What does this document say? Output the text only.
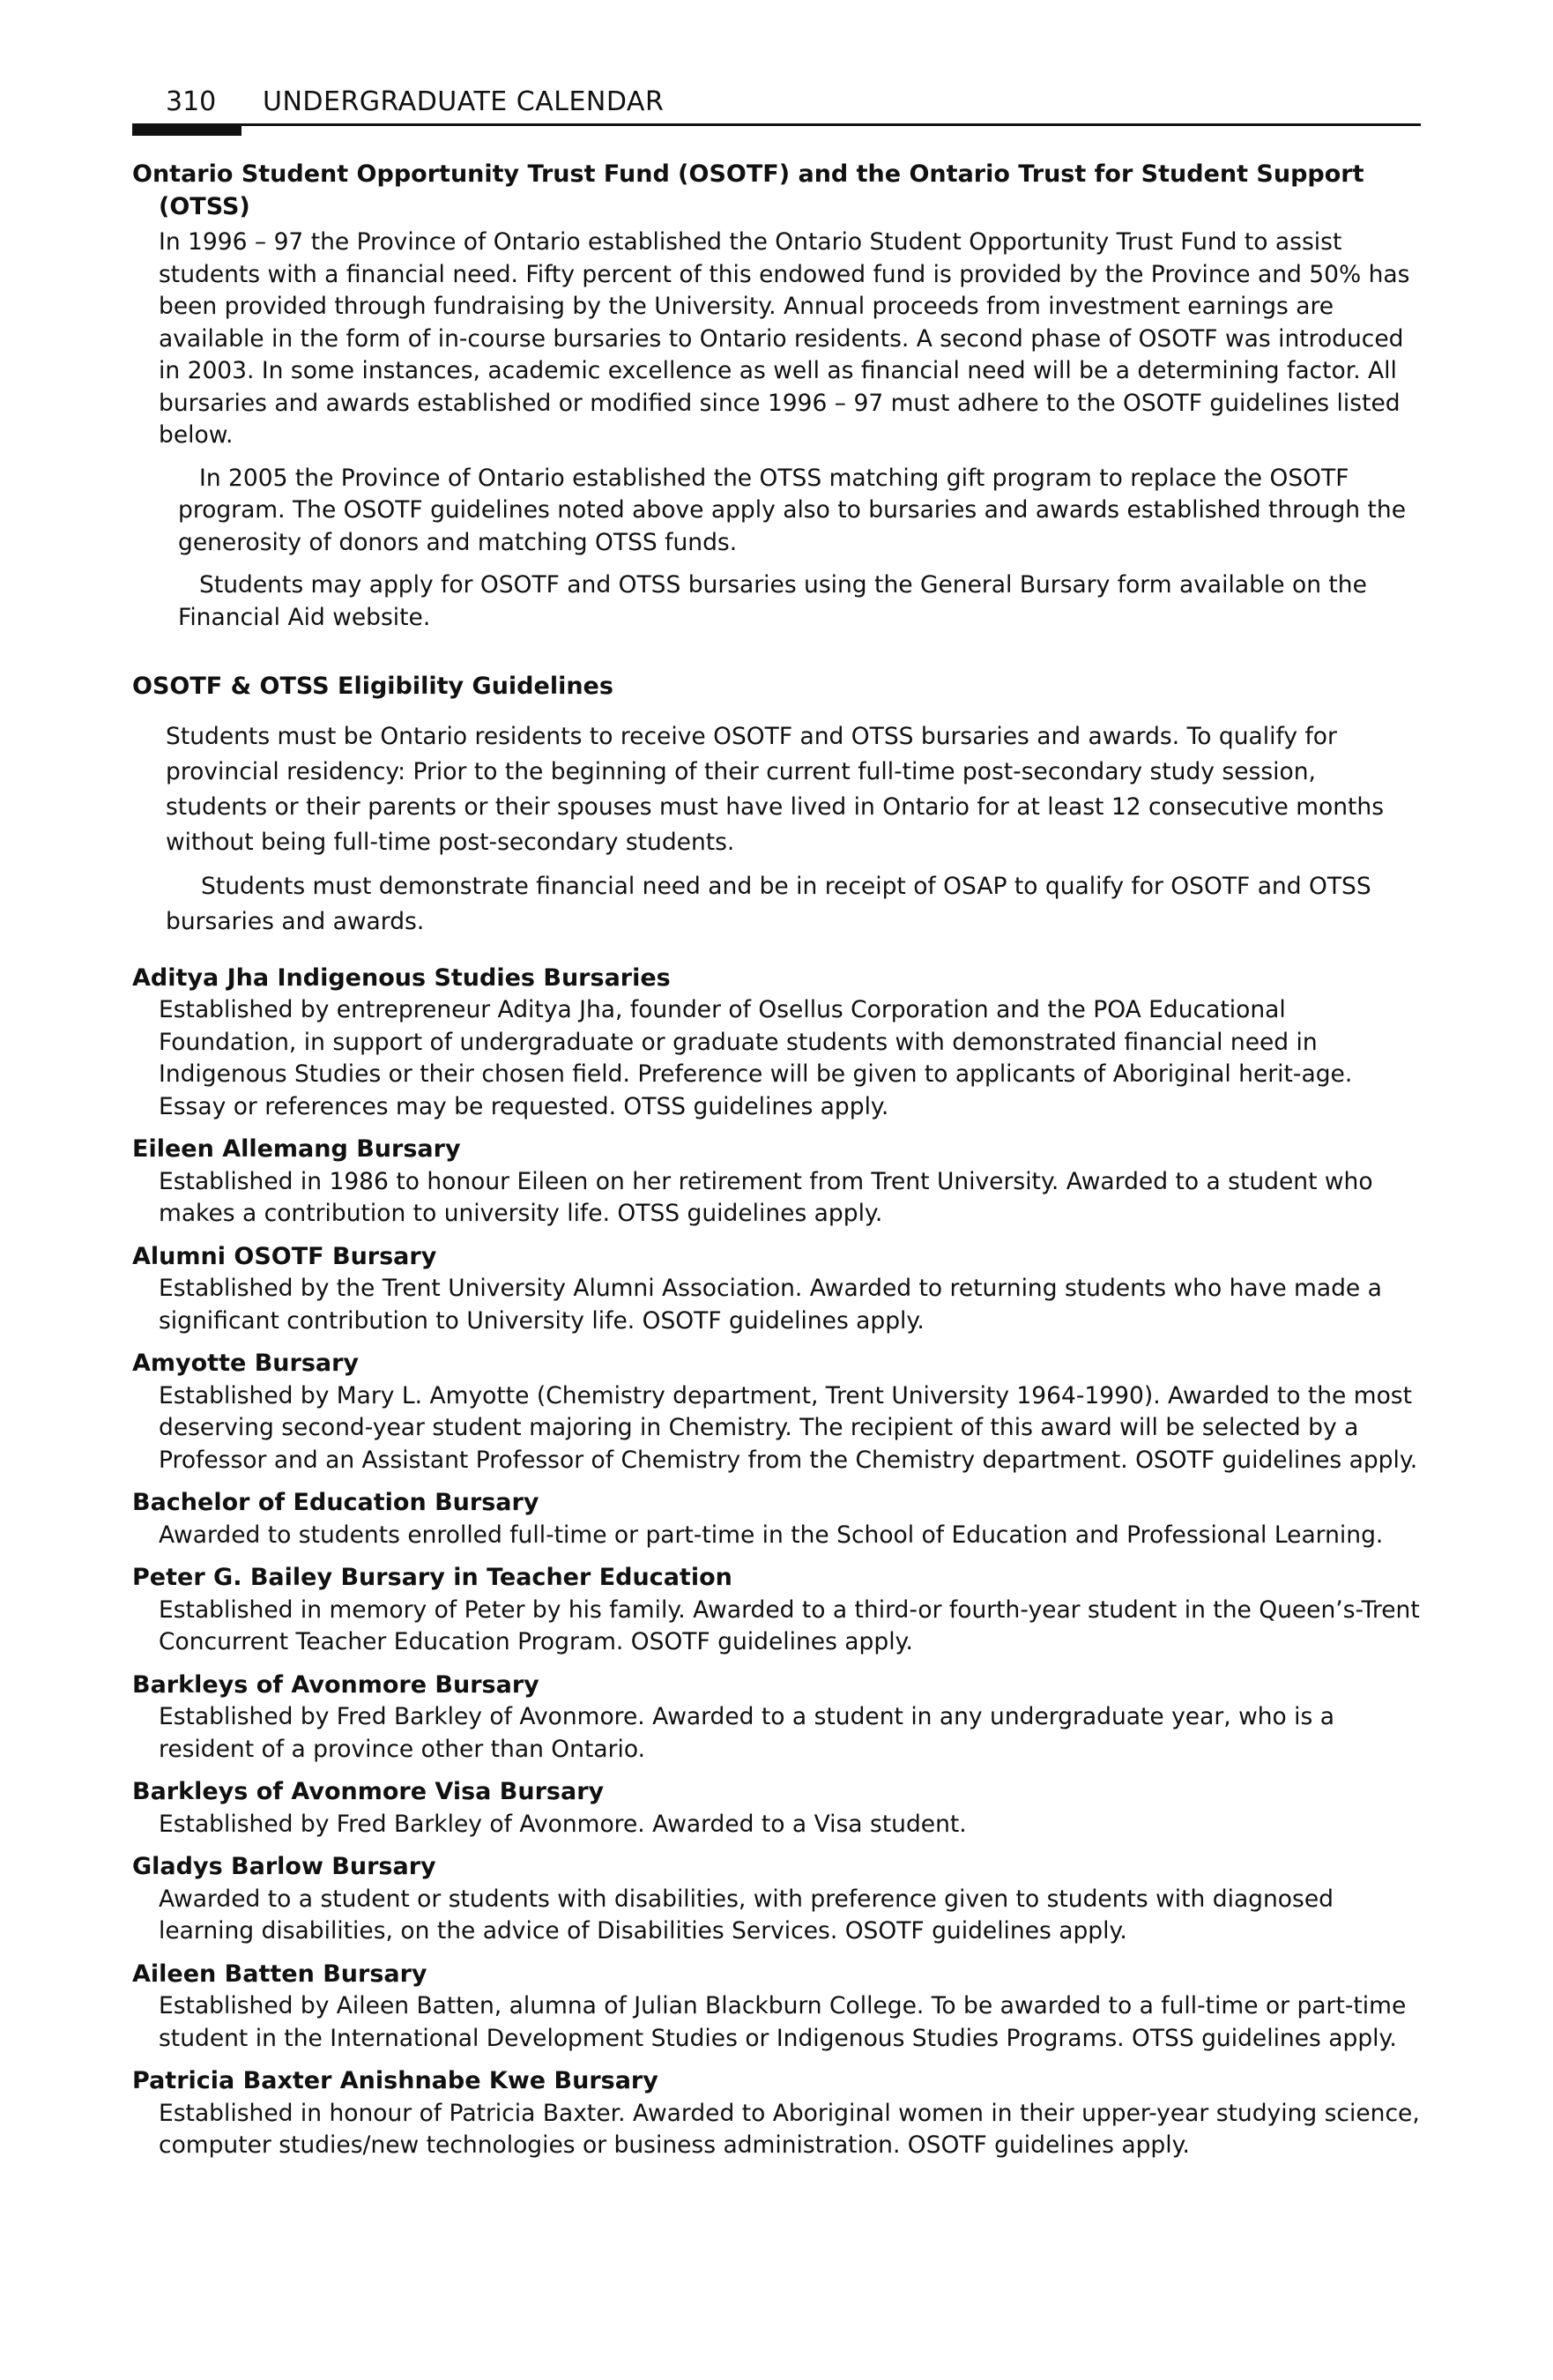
310 UNDERGRADUATE CALENDAR
Ontario Student Opportunity Trust Fund (OSOTF) and the Ontario Trust for Student Support (OTSS)

In 1996 – 97 the Province of Ontario established the Ontario Student Opportunity Trust Fund to assist students with a financial need. Fifty percent of this endowed fund is provided by the Province and 50% has been provided through fundraising by the University. Annual proceeds from investment earnings are available in the form of in-course bursaries to Ontario residents. A second phase of OSOTF was introduced in 2003. In some instances, academic excellence as well as financial need will be a determining factor. All bursaries and awards established or modified since 1996 – 97 must adhere to the OSOTF guidelines listed below.

In 2005 the Province of Ontario established the OTSS matching gift program to replace the OSOTF program. The OSOTF guidelines noted above apply also to bursaries and awards established through the generosity of donors and matching OTSS funds.

Students may apply for OSOTF and OTSS bursaries using the General Bursary form available on the Financial Aid website.

OSOTF & OTSS Eligibility Guidelines

Students must be Ontario residents to receive OSOTF and OTSS bursaries and awards. To qualify for provincial residency: Prior to the beginning of their current full-time post-secondary study session, students or their parents or their spouses must have lived in Ontario for at least 12 consecutive months without being full-time post-secondary students.

Students must demonstrate financial need and be in receipt of OSAP to qualify for OSOTF and OTSS bursaries and awards.

Aditya Jha Indigenous Studies Bursaries

Established by entrepreneur Aditya Jha, founder of Osellus Corporation and the POA Educational Foundation, in support of undergraduate or graduate students with demonstrated financial need in Indigenous Studies or their chosen field. Preference will be given to applicants of Aboriginal herit-age. Essay or references may be requested. OTSS guidelines apply.

Eileen Allemang Bursary

Established in 1986 to honour Eileen on her retirement from Trent University. Awarded to a student who makes a contribution to university life. OTSS guidelines apply.

Alumni OSOTF Bursary

Established by the Trent University Alumni Association. Awarded to returning students who have made a significant contribution to University life. OSOTF guidelines apply.

Amyotte Bursary

Established by Mary L. Amyotte (Chemistry department, Trent University 1964-1990). Awarded to the most deserving second-year student majoring in Chemistry. The recipient of this award will be selected by a Professor and an Assistant Professor of Chemistry from the Chemistry department. OSOTF guidelines apply.

Bachelor of Education Bursary

Awarded to students enrolled full-time or part-time in the School of Education and Professional Learning.

Peter G. Bailey Bursary in Teacher Education

Established in memory of Peter by his family. Awarded to a third-or fourth-year student in the Queen’s-Trent Concurrent Teacher Education Program. OSOTF guidelines apply.

Barkleys of Avonmore Bursary

Established by Fred Barkley of Avonmore. Awarded to a student in any undergraduate year, who is a resident of a province other than Ontario.

Barkleys of Avonmore Visa Bursary

Established by Fred Barkley of Avonmore. Awarded to a Visa student.

Gladys Barlow Bursary

Awarded to a student or students with disabilities, with preference given to students with diagnosed learning disabilities, on the advice of Disabilities Services. OSOTF guidelines apply.

Aileen Batten Bursary

Established by Aileen Batten, alumna of Julian Blackburn College. To be awarded to a full-time or part-time student in the International Development Studies or Indigenous Studies Programs. OTSS guidelines apply.

Patricia Baxter Anishnabe Kwe Bursary

Established in honour of Patricia Baxter. Awarded to Aboriginal women in their upper-year studying science, computer studies/new technologies or business administration. OSOTF guidelines apply.
